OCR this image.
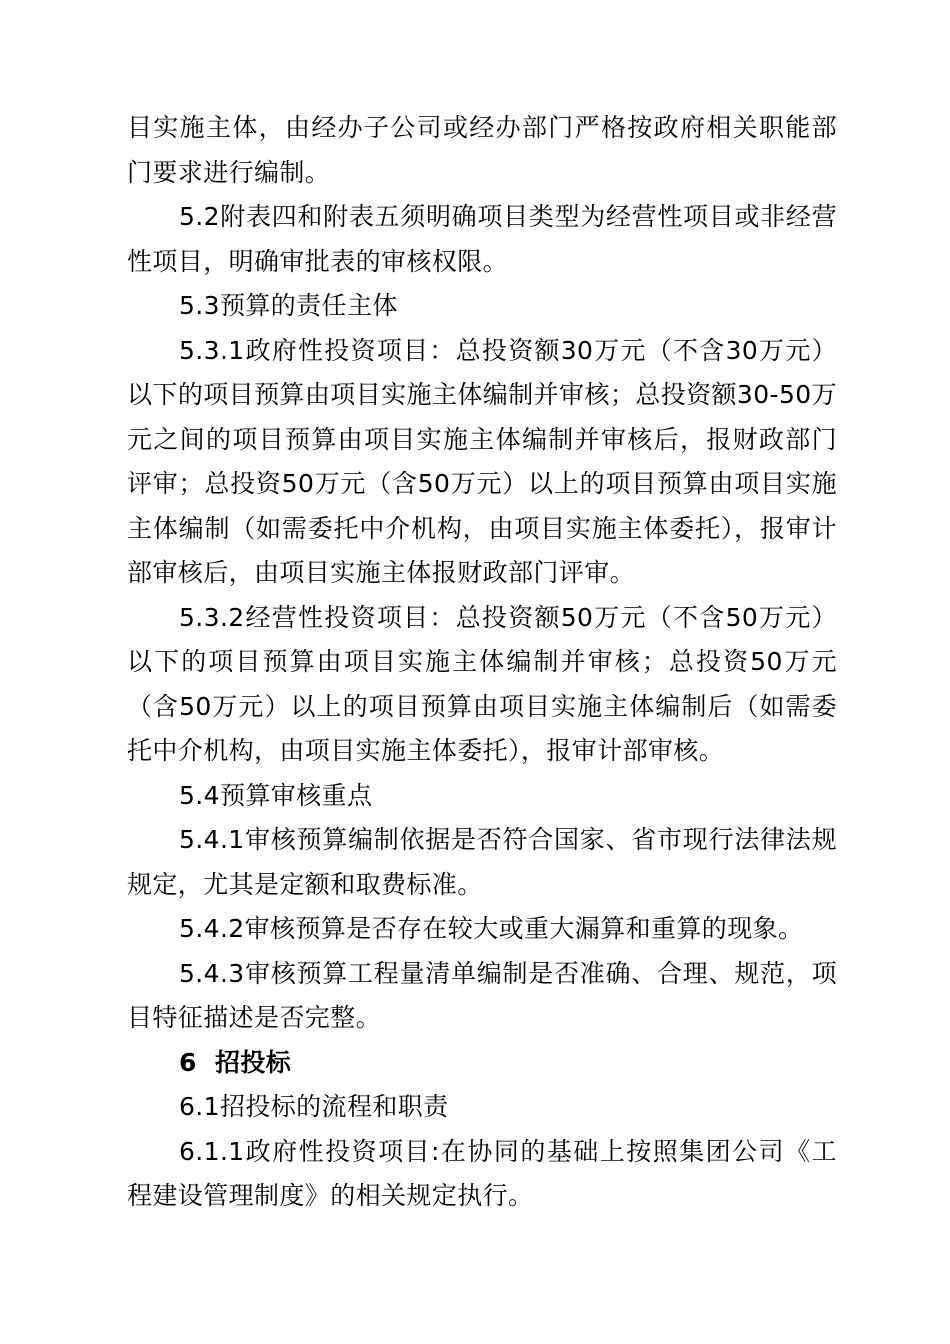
目实施主体，由经办子公司或经办部门严格按政府相关职能部门要求进行编制。

5.2附表四和附表五须明确项目类型为经营性项目或非经营性项目，明确审批表的审核权限。

5.3预算的责任主体

5.3.1政府性投资项目：总投资额30万元（不含30万元）以下的项目预算由项目实施主体编制并审核；总投资额30-50万元之间的项目预算由项目实施主体编制并审核后，报财政部门评审；总投资50万元（含50万元）以上的项目预算由项目实施主体编制（如需委托中介机构，由项目实施主体委托），报审计部审核后，由项目实施主体报财政部门评审。

5.3.2经营性投资项目：总投资额50万元（不含50万元）以下的项目预算由项目实施主体编制并审核；总投资50万元（含50万元）以上的项目预算由项目实施主体编制后（如需委托中介机构，由项目实施主体委托），报审计部审核。

5.4预算审核重点

5.4.1审核预算编制依据是否符合国家、省市现行法律法规规定，尤其是定额和取费标准。

5.4.2审核预算是否存在较大或重大漏算和重算的现象。

5.4.3审核预算工程量清单编制是否准确、合理、规范，项目特征描述是否完整。

6  招投标

6.1招投标的流程和职责

6.1.1政府性投资项目:在协同的基础上按照集团公司《工程建设管理制度》的相关规定执行。
